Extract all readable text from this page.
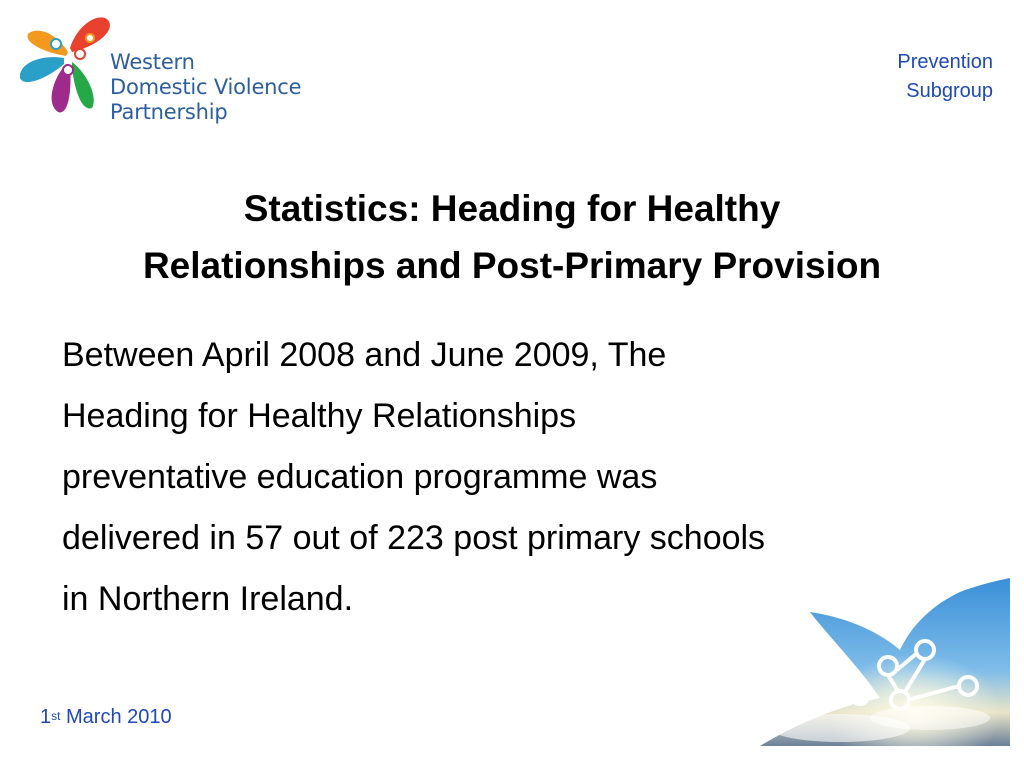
Western
Domestic Violence
Partnership
Prevention
Subgroup
Statistics: Heading for Healthy
Relationships and Post-Primary Provision
Between April 2008 and June 2009, The
Heading for Healthy Relationships
preventative education programme was
delivered in 57 out of 223 post primary schools
in Northern Ireland.
1st March 2010
